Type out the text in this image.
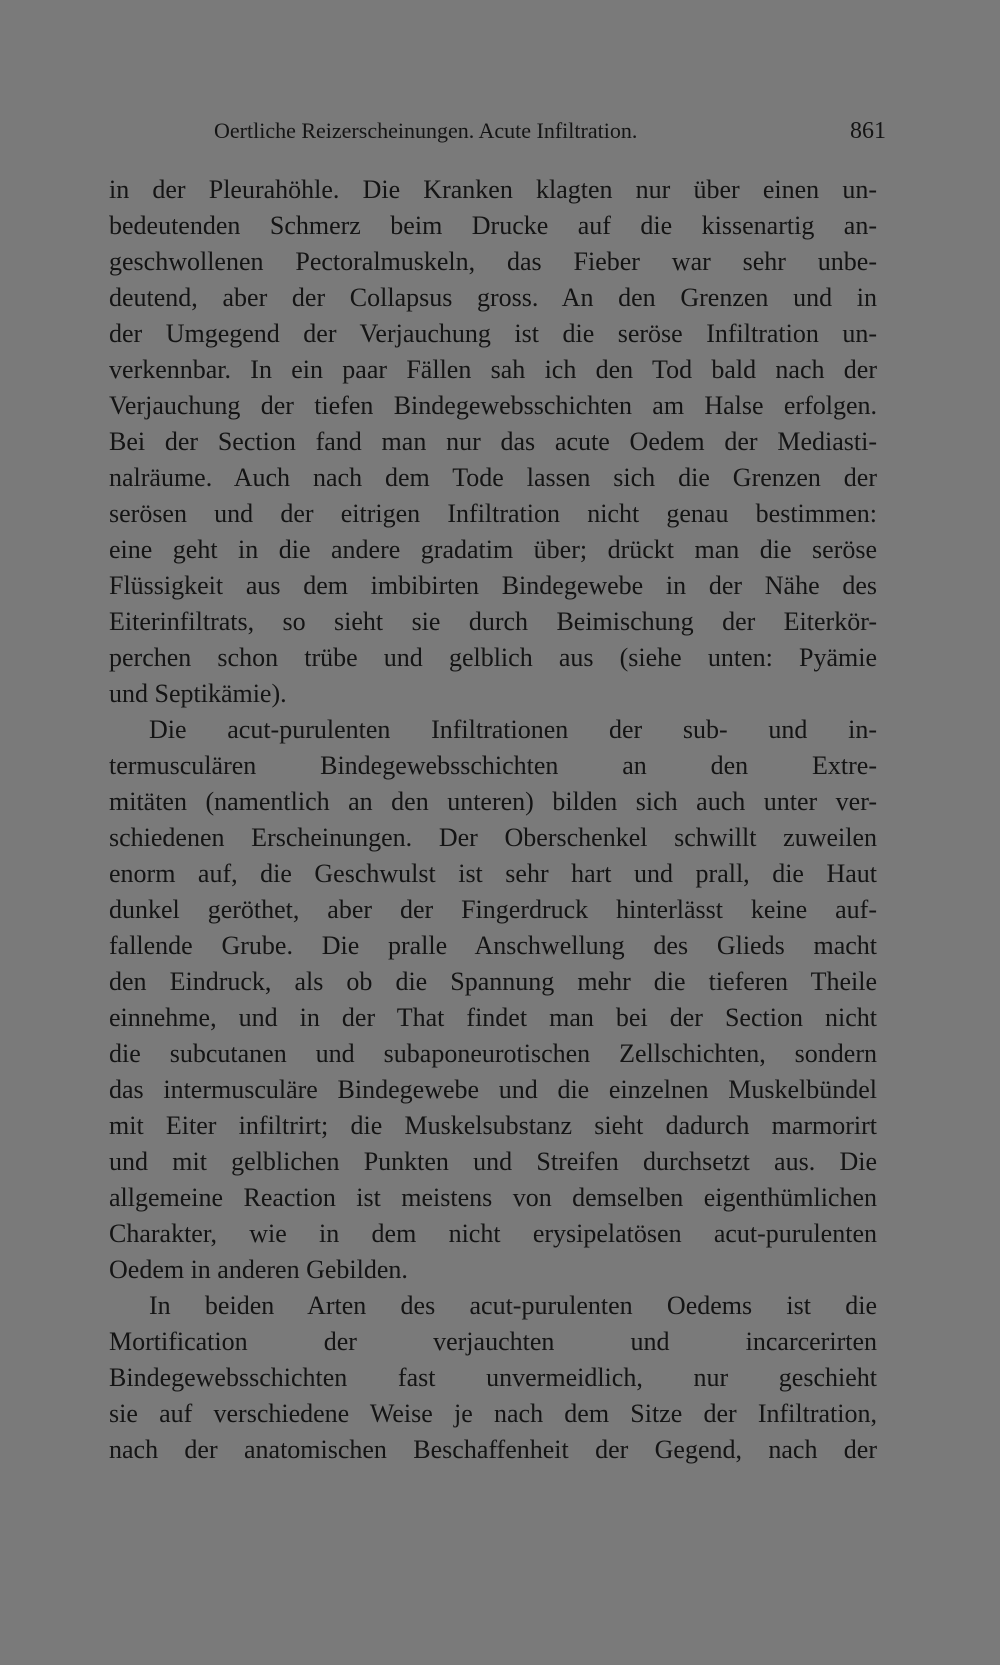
Oertliche Reizerscheinungen. Acute Infiltration.	861
in der Pleurahöhle. Die Kranken klagten nur über einen un-
bedeutenden Schmerz beim Drucke auf die kissenartig an-
geschwollenen Pectoralmuskeln, das Fieber war sehr unbe-
deutend, aber der Collapsus gross. An den Grenzen und in
der Umgegend der Verjauchung ist die seröse Infiltration un-
verkennbar. In ein paar Fällen sah ich den Tod bald nach der
Verjauchung der tiefen Bindegewebsschichten am Halse erfolgen.
Bei der Section fand man nur das acute Oedem der Mediasti-
nalräume. Auch nach dem Tode lassen sich die Grenzen der
serösen und der eitrigen Infiltration nicht genau bestimmen:
eine geht in die andere gradatim über; drückt man die seröse
Flüssigkeit aus dem imbibirten Bindegewebe in der Nähe des
Eiterinfiltrats, so sieht sie durch Beimischung der Eiterkör-
perchen schon trübe und gelblich aus (siehe unten: Pyämie
und Septikämie).
Die acut-purulenten Infiltrationen der sub- und in-
termusculären Bindegewebsschichten an den Extre-
mitäten (namentlich an den unteren) bilden sich auch unter ver-
schiedenen Erscheinungen. Der Oberschenkel schwillt zuweilen
enorm auf, die Geschwulst ist sehr hart und prall, die Haut
dunkel geröthet, aber der Fingerdruck hinterlässt keine auf-
fallende Grube. Die pralle Anschwellung des Glieds macht
den Eindruck, als ob die Spannung mehr die tieferen Theile
einnehme, und in der That findet man bei der Section nicht
die subcutanen und subaponeurotischen Zellschichten, sondern
das intermusculäre Bindegewebe und die einzelnen Muskelbündel
mit Eiter infiltrirt; die Muskelsubstanz sieht dadurch marmorirt
und mit gelblichen Punkten und Streifen durchsetzt aus. Die
allgemeine Reaction ist meistens von demselben eigenthümlichen
Charakter, wie in dem nicht erysipelatösen acut-purulenten
Oedem in anderen Gebilden.
In beiden Arten des acut-purulenten Oedems ist die
Mortification der verjauchten und incarcerirten
Bindegewebsschichten fast unvermeidlich, nur geschieht
sie auf verschiedene Weise je nach dem Sitze der Infiltration,
nach der anatomischen Beschaffenheit der Gegend, nach der
